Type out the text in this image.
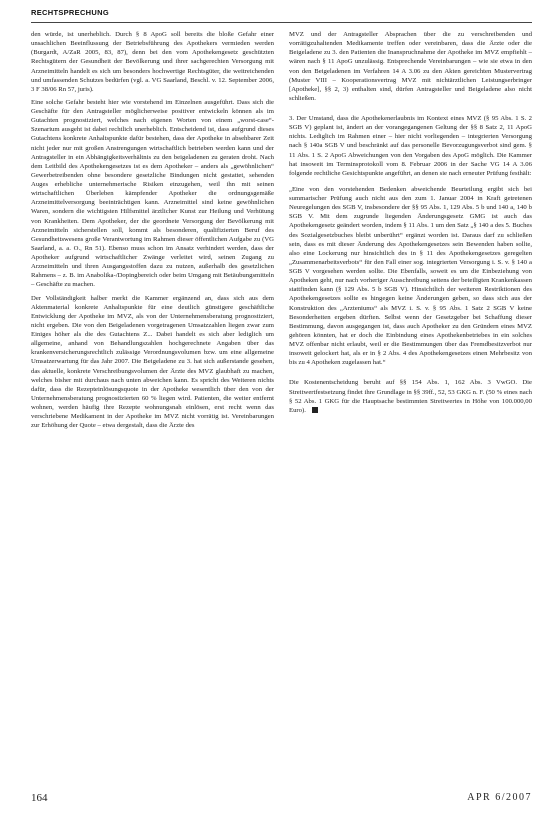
RECHTSPRECHUNG

den würde, ist unerheblich. Durch § 8 ApoG soll bereits die bloße Gefahr einer unsachlichen Beeinflussung der Betriebsführung des Apothekers vermieden werden (Burgardt, A/ZaR 2005, 83, 87), denn bei den vom Apothekengesetz geschützten Rechtsgütern der Gesundheit der Bevölkerung und ihrer sachgerechten Versorgung mit Arzneimitteln handelt es sich um besonders hochwertige Rechtsgüter, die weitreichenden und umfassenden Schutzes bedürfen (vgl. a. VG Saarland, Beschl. v. 12. September 2006, 3 F 38/06 Rn 57, juris).

Eine solche Gefahr besteht hier wie vorstehend im Einzelnen ausgeführt. Dass sich die Geschäfte für den Antragsteller möglicherweise positiver entwickeln können als im Gutachten prognostiziert, welches nach eigenen Worten von einem „worst-case“-Szenarium ausgeht ist dabei rechtlich unerheblich. Entscheidend ist, dass aufgrund dieses Gutachtens konkrete Anhaltspunkte dafür bestehen, dass der Apotheke in absehbarer Zeit nicht jeder nur mit großen Anstrengungen wirtschaftlich betrieben werden kann und der Antragsteller in ein Abhängigkeitsverhältnis zu den beigeladenen zu geraten droht. Nach dem Leitbild des Apothekengesetzes ist es dem Apotheker – anders als „gewöhnlichen“ Gewerbetreibenden ohne besondere gesetzliche Bindungen nicht gestattet, sehenden Auges erhebliche unternehmerische Risiken einzugehen, weil ihn mit seinen wirtschaftlichen Überleben kämpfender Apotheker die ordnungsgemäße Arzneimittelversorgung beeinträchtigen kann. Arzneimittel sind keine gewöhnlichen Waren, sondern die wichtigsten Hilfsmittel ärztlicher Kunst zur Heilung und Verhütung von Krankheiten. Dem Apotheker, der die geordnete Versorgung der Bevölkerung mit Arzneimitteln sicherstellen soll, kommt als besonderen, qualifizierten Beruf des Gesundheitswesens große Verantwortung im Rahmen dieser öffentlichen Aufgabe zu (VG Saarland, a. a. O., Rn 51). Ebenso muss schon im Ansatz verhindert werden, dass der Apotheker aufgrund wirtschaftlicher Zwänge verleitet wird, seinen Zugang zu Arzneimitteln und ihren Ausgangsstoffen dazu zu nutzen, außerhalb des gesetzlichen Rahmens – z. B. im Anabolika-/Dopingbereich oder beim Umgang mit Betäubungsmitteln – Geschäfte zu machen.

Der Vollständigkeit halber merkt die Kammer ergänzend an, dass sich aus dem Aktenmaterial konkrete Anhaltspunkte für eine deutlich günstigere geschäftliche Entwicklung der Apotheke im MVZ, als von der Unternehmensberatung prognostiziert, nicht ergeben. Die von den Beigeladenen vorgetragenen Umsatzzahlen liegen zwar zum Einiges höher als die des Gutachtens Z... Dabei handelt es sich aber lediglich um allgemeine, anhand von Behandlungszahlen hochgerechnete Angaben über das krankenversicherungsrechtlich zulässige Verordnungsvolumen bzw. um eine allgemeine Umsatzerwartung für das Jahr 2007. Die Beigeladene zu 3. hat sich außerstande gesehen, das aktuelle, konkrete Verschreibungsvolumen der Ärzte des MVZ glaubhaft zu machen, welches bisher mit durchaus nach unten abweichen kann. Es spricht des Weiteren nichts dafür, dass die Rezepteinlösungsquote in der Apotheke wesentlich über den von der Unternehmensberatung prognostizierten 60 % liegen wird. Patienten, die weiter entfernt wohnen, werden häufig ihre Rezepte wohnungsnah einlösen, erst recht wenn das verschriebene Medikament in der Apotheke im MVZ nicht vorrätig ist. Vereinbarungen zur Erhöhung der Quote – etwa dergestalt, dass die Ärzte des

MVZ und der Antragsteller Absprachen über die zu verschreibenden und vorrätigzuhaltenden Medikamente treffen oder vereinbaren, dass die Ärzte oder die Beigeladene zu 3. den Patienten die Inanspruchnahme der Apotheke im MVZ empfiehlt – wären nach § 11 ApoG unzulässig. Entsprechende Vereinbarungen – wie sie etwa in den von den Beigeladenen im Verfahren 14 A 3.06 zu den Akten gereichten Mustervertrag (Muster VIII – Kooperationsvertrag MVZ mit nichtärztlichen Leistungserbringer [Apotheke], §§ 2, 3) enthalten sind, dürfen Antragsteller und Beigeladene also nicht schließen.

3. Der Umstand, dass die Apothekenerlaubnis im Kontext eines MVZ (§ 95 Abs. 1 S. 2 SGB V) geplant ist, ändert an der vorangegangenen Geltung der §§ 8 Satz 2, 11 ApoG nichts. Lediglich im Rahmen einer – hier nicht vorliegenden – integrierten Versorgung nach § 140a SGB V und beschränkt auf das personelle Bevorzugungsverbot sind gem. § 11 Abs. 1 S. 2 ApoG Abweichungen von den Vorgaben des ApoG möglich. Die Kammer hat insoweit im Terminsprotokoll vom 8. Februar 2006 in der Sache VG 14 A 3.06 folgende rechtliche Gesichtspunkte angeführt, an denen sie nach erneuter Prüfung festhält:

„Eine von den vorstehenden Bedenken abweichende Beurteilung ergibt sich bei summarischer Prüfung auch nicht aus den zum 1. Januar 2004 in Kraft getretenen Neuregelungen des SGB V, insbesondere der §§ 95 Abs. 1, 129 Abs. 5 b und 140 a, 140 b SGB V. Mit dem zugrunde liegenden Änderungsgesetz GMG ist auch das Apothekengesetz geändert worden, indem § 11 Abs. 1 um den Satz „§ 140 a des 5. Buches des Sozialgesetzbuches bleibt unberührt“ ergänzt worden ist. Daraus darf zu schließen sein, dass es mit dieser Änderung des Apothekengesetzes sein Bewenden haben sollte, also eine Lockerung nur hinsichtlich des in § 11 des Apothekengesetzes geregelten „Zusammenarbeitsverbots“ für den Fall einer sog. integrierten Versorgung i. S. v. § 140 a SGB V vorgesehen werden sollte. Die Ebenfalls, soweit es um die Einbeziehung von Apotheken geht, nur nach vorheriger Ausschreibung seitens der beteiligten Krankenkassen stattfinden kann (§ 129 Abs. 5 b SGB V). Hinsichtlich der weiteren Restriktionen des Apothekengesetzes sollte es hingegen keine Änderungen geben, so dass sich aus der Konstruktion des „Arzteniums“ als MVZ i. S. v. § 95 Abs. 1 Satz 2 SGB V keine Besonderheiten ergeben dürften. Selbst wenn der Gesetzgeber bei Schaffung dieser Bestimmung, davon ausgegangen ist, dass auch Apotheker zu den Gründern eines MVZ gehören könnten, hat er doch die Einbindung eines Apothekenbetriebes in ein solches MVZ offenbar nicht erlaubt, weil er die Bestimmungen über das Fremdbesitzverbot nur insoweit gelockert hat, als er in § 2 Abs. 4 des Apothekengesetzes einen Mehrbesitz von bis zu 4 Apotheken zugelassen hat.“

Die Kostenentscheidung beruht auf §§ 154 Abs. 1, 162 Abs. 3 VwGO. Die Streitwertfestsetzung findet ihre Grundlage in §§ 39ff., 52, 53 GKG n. F. (50 % eines nach § 52 Abs. 1 GKG für die Hauptsache bestimmten Streitwertes in Höhe von 100.000,00 Euro).

164	APR 6/2007
